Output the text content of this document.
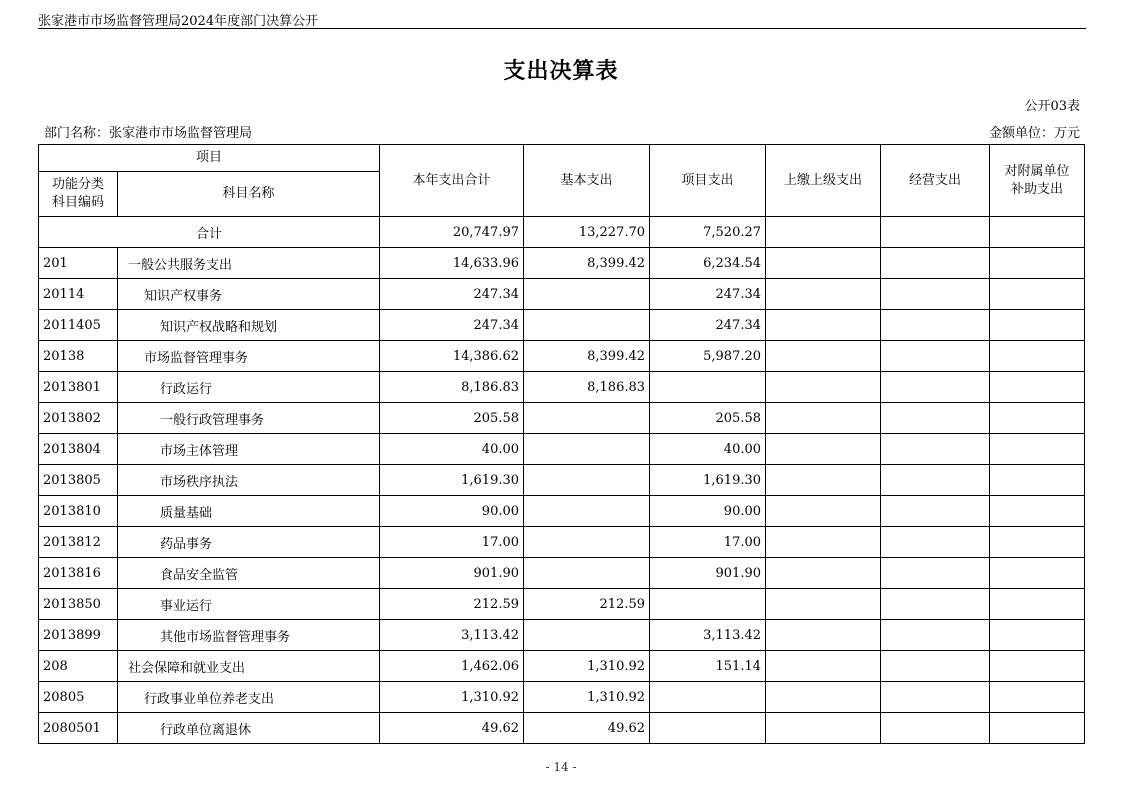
张家港市市场监督管理局2024年度部门决算公开
支出决算表
公开03表
部门名称：张家港市市场监督管理局	金额单位：万元
项目		本年支出合计	基本支出	项目支出	上缴上级支出	经营支出	对附属单位补助支出
功能分类科目编码	科目名称						
合计		20,747.97	13,227.70	7,520.27			
201	一般公共服务支出	14,633.96	8,399.42	6,234.54			
20114	知识产权事务	247.34		247.34			
2011405	知识产权战略和规划	247.34		247.34			
20138	市场监督管理事务	14,386.62	8,399.42	5,987.20			
2013801	行政运行	8,186.83	8,186.83				
2013802	一般行政管理事务	205.58		205.58			
2013804	市场主体管理	40.00		40.00			
2013805	市场秩序执法	1,619.30		1,619.30			
2013810	质量基础	90.00		90.00			
2013812	药品事务	17.00		17.00			
2013816	食品安全监管	901.90		901.90			
2013850	事业运行	212.59	212.59				
2013899	其他市场监督管理事务	3,113.42		3,113.42			
208	社会保障和就业支出	1,462.06	1,310.92	151.14			
20805	行政事业单位养老支出	1,310.92	1,310.92				
2080501	行政单位离退休	49.62	49.62				
- 14 -
